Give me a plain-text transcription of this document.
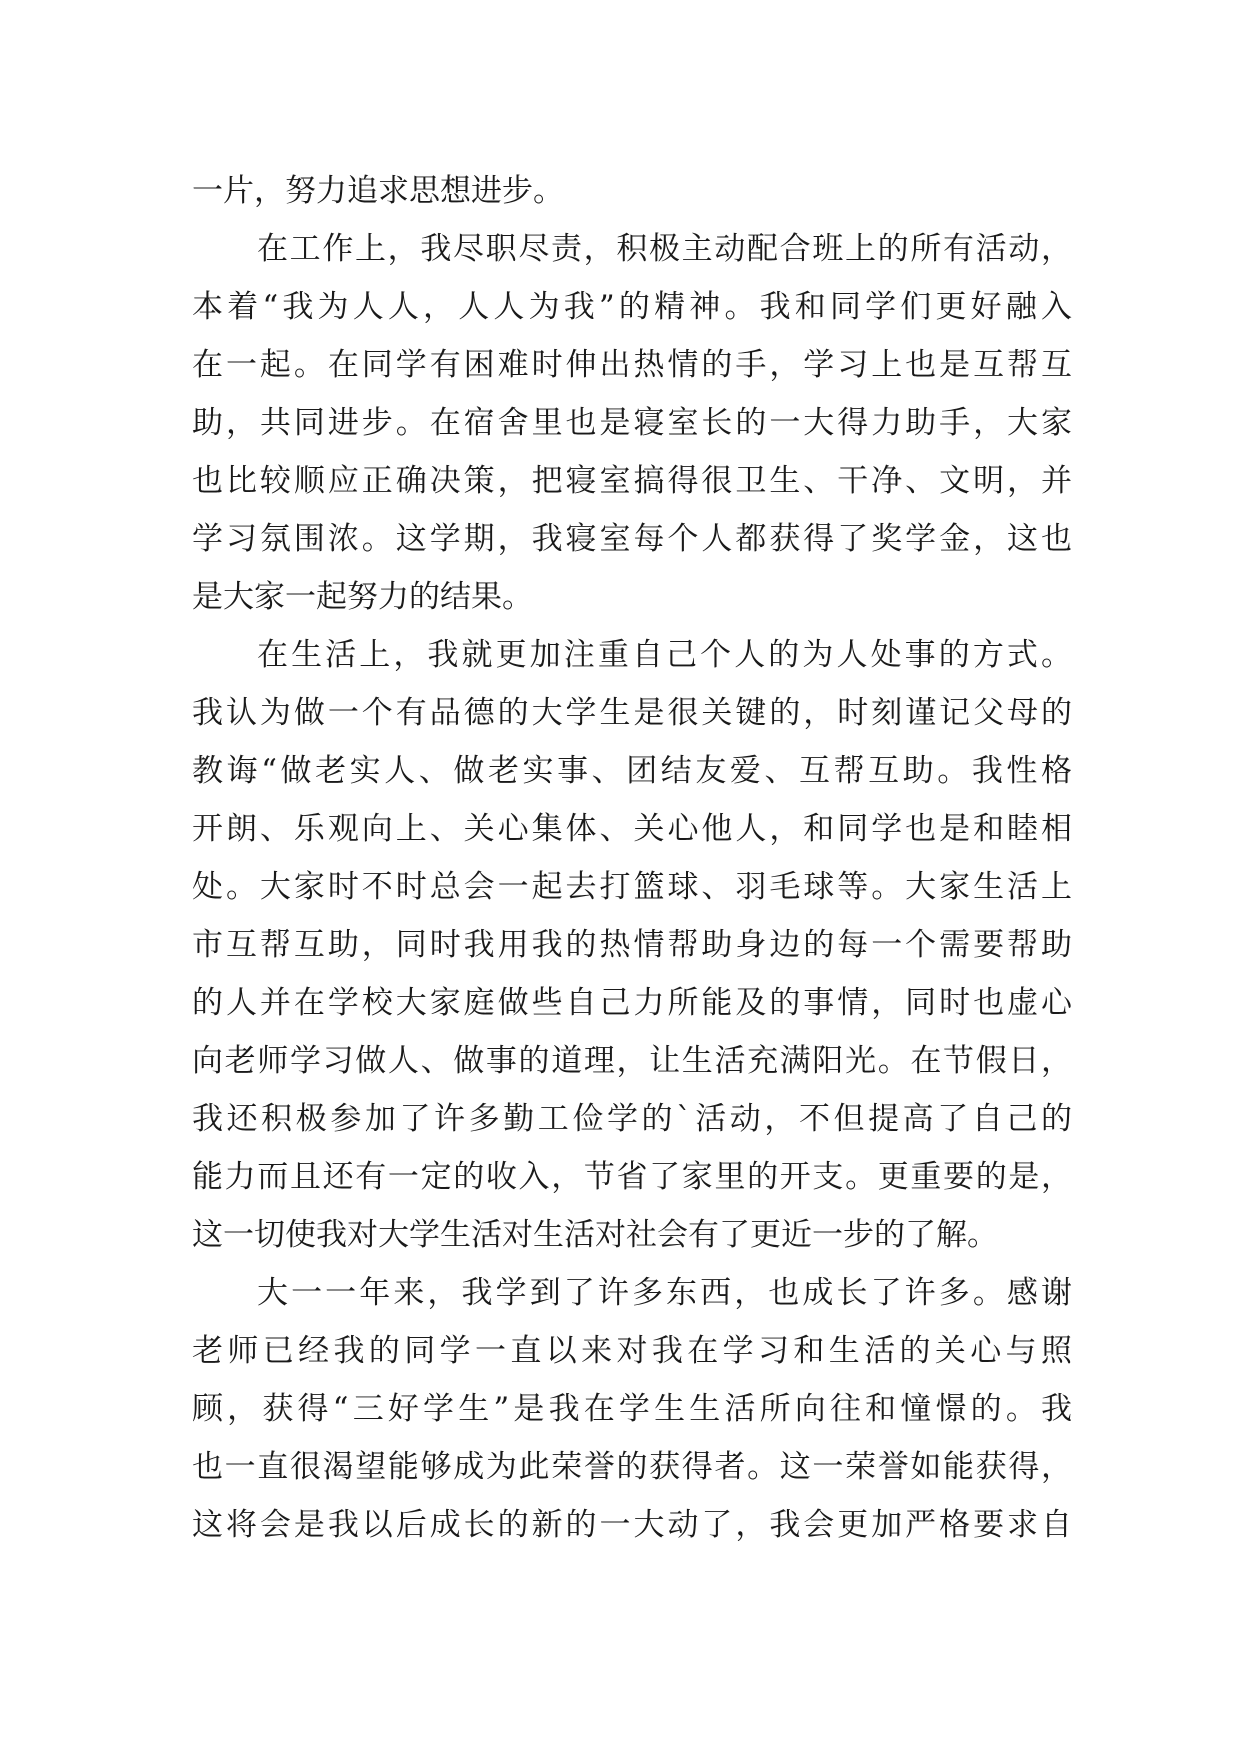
一片，努力追求思想进步。
在工作上，我尽职尽责，积极主动配合班上的所有活动，
本着“我为人人，人人为我”的精神。我和同学们更好融入
在一起。在同学有困难时伸出热情的手，学习上也是互帮互
助，共同进步。在宿舍里也是寝室长的一大得力助手，大家
也比较顺应正确决策，把寝室搞得很卫生、干净、文明，并
学习氛围浓。这学期，我寝室每个人都获得了奖学金，这也
是大家一起努力的结果。
在生活上，我就更加注重自己个人的为人处事的方式。
我认为做一个有品德的大学生是很关键的，时刻谨记父母的
教诲“做老实人、做老实事、团结友爱、互帮互助。我性格
开朗、乐观向上、关心集体、关心他人，和同学也是和睦相
处。大家时不时总会一起去打篮球、羽毛球等。大家生活上
市互帮互助，同时我用我的热情帮助身边的每一个需要帮助
的人并在学校大家庭做些自己力所能及的事情，同时也虚心
向老师学习做人、做事的道理，让生活充满阳光。在节假日，
我还积极参加了许多勤工俭学的`活动，不但提高了自己的
能力而且还有一定的收入，节省了家里的开支。更重要的是，
这一切使我对大学生活对生活对社会有了更近一步的了解。
大一一年来，我学到了许多东西，也成长了许多。感谢
老师已经我的同学一直以来对我在学习和生活的关心与照
顾，获得“三好学生”是我在学生生活所向往和憧憬的。我
也一直很渴望能够成为此荣誉的获得者。这一荣誉如能获得，
这将会是我以后成长的新的一大动了，我会更加严格要求自
